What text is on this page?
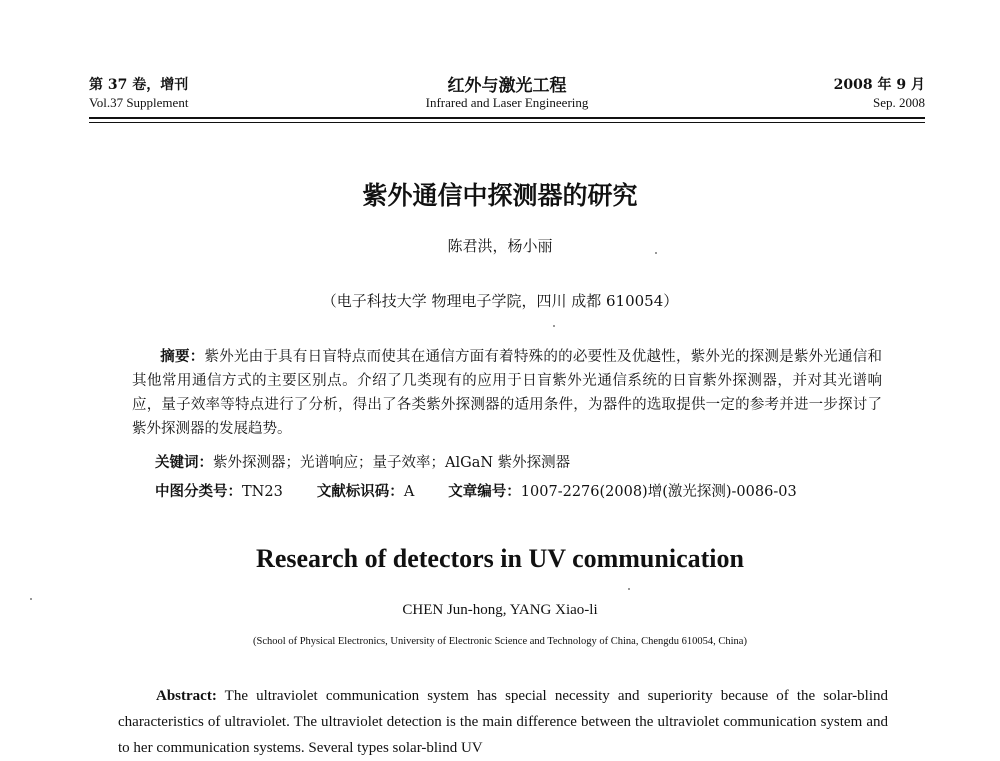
第 37 卷，增刊
Vol.37 Supplement
红外与激光工程
Infrared and Laser Engineering
2008 年 9 月
Sep. 2008
紫外通信中探测器的研究
陈君洪，杨小丽
（电子科技大学 物理电子学院，四川 成都 610054）
摘要：紫外光由于具有日盲特点而使其在通信方面有着特殊的的必要性及优越性，紫外光的探测是紫外光通信和其他常用通信方式的主要区别点。介绍了几类现有的应用于日盲紫外光通信系统的日盲紫外探测器，并对其光谱响应，量子效率等特点进行了分析，得出了各类紫外探测器的适用条件，为器件的选取提供一定的参考并进一步探讨了紫外探测器的发展趋势。
关键词：紫外探测器；光谱响应；量子效率；AlGaN 紫外探测器
中图分类号：TN23 文献标识码：A 文章编号：1007-2276(2008)增(激光探测)-0086-03
Research of detectors in UV communication
CHEN Jun-hong, YANG Xiao-li
(School of Physical Electronics, University of Electronic Science and Technology of China, Chengdu 610054, China)
Abstract: The ultraviolet communication system has special necessity and superiority because of the solar-blind characteristics of ultraviolet. The ultraviolet detection is the main difference between the ultraviolet communication system and to her communication systems. Several types solar-blind UV
